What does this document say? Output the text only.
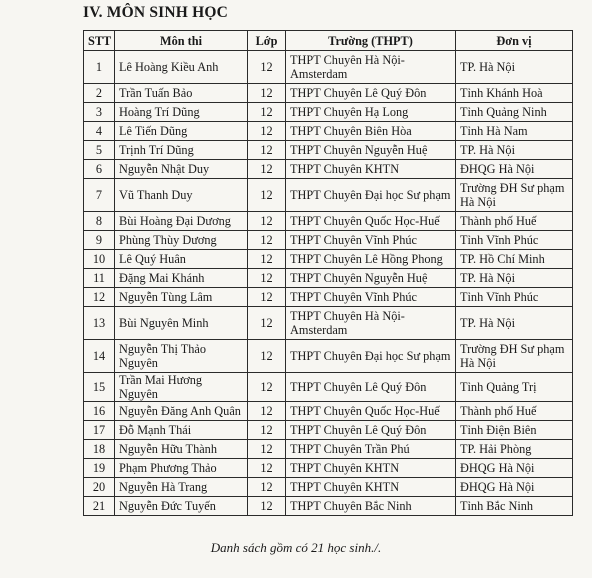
IV. MÔN SINH HỌC
STT	Môn thi	Lớp	Trường (THPT)	Đơn vị
1	Lê Hoàng Kiều Anh	12	THPT Chuyên Hà Nội-Amsterdam	TP. Hà Nội
2	Trần Tuấn Bảo	12	THPT Chuyên Lê Quý Đôn	Tỉnh Khánh Hoà
3	Hoàng Trí Dũng	12	THPT Chuyên Hạ Long	Tỉnh Quảng Ninh
4	Lê Tiến Dũng	12	THPT Chuyên Biên Hòa	Tỉnh Hà Nam
5	Trịnh Trí Dũng	12	THPT Chuyên Nguyễn Huệ	TP. Hà Nội
6	Nguyễn Nhật Duy	12	THPT Chuyên KHTN	ĐHQG Hà Nội
7	Vũ Thanh Duy	12	THPT Chuyên Đại học Sư phạm	Trường ĐH Sư phạm Hà Nội
8	Bùi Hoàng Đại Dương	12	THPT Chuyên Quốc Học-Huế	Thành phố Huế
9	Phùng Thùy Dương	12	THPT Chuyên Vĩnh Phúc	Tỉnh Vĩnh Phúc
10	Lê Quý Huân	12	THPT Chuyên Lê Hồng Phong	TP. Hồ Chí Minh
11	Đặng Mai Khánh	12	THPT Chuyên Nguyễn Huệ	TP. Hà Nội
12	Nguyễn Tùng Lâm	12	THPT Chuyên Vĩnh Phúc	Tỉnh Vĩnh Phúc
13	Bùi Nguyên Minh	12	THPT Chuyên Hà Nội-Amsterdam	TP. Hà Nội
14	Nguyễn Thị Thảo Nguyên	12	THPT Chuyên Đại học Sư phạm	Trường ĐH Sư phạm Hà Nội
15	Trần Mai Hương Nguyên	12	THPT Chuyên Lê Quý Đôn	Tỉnh Quảng Trị
16	Nguyễn Đăng Anh Quân	12	THPT Chuyên Quốc Học-Huế	Thành phố Huế
17	Đỗ Mạnh Thái	12	THPT Chuyên Lê Quý Đôn	Tỉnh Điện Biên
18	Nguyễn Hữu Thành	12	THPT Chuyên Trần Phú	TP. Hải Phòng
19	Phạm Phương Thảo	12	THPT Chuyên KHTN	ĐHQG Hà Nội
20	Nguyễn Hà Trang	12	THPT Chuyên KHTN	ĐHQG Hà Nội
21	Nguyễn Đức Tuyến	12	THPT Chuyên Bắc Ninh	Tỉnh Bắc Ninh
Danh sách gồm có 21 học sinh./.
